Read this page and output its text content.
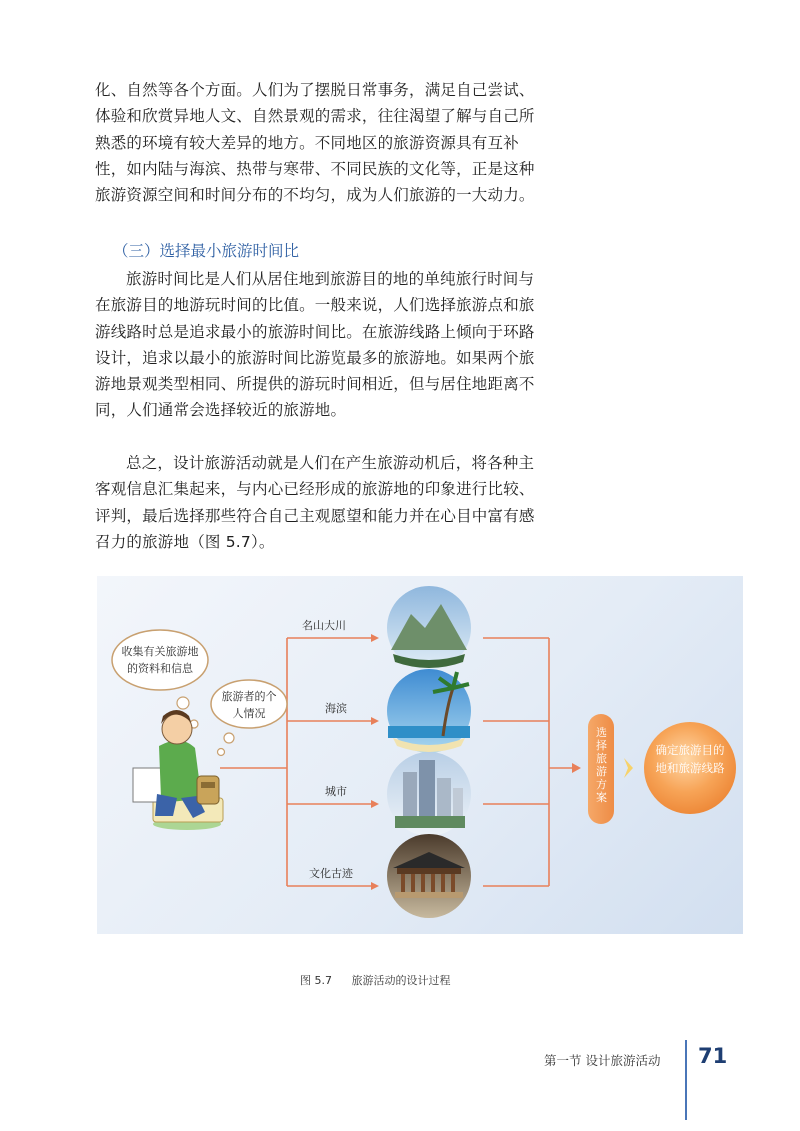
化、自然等各个方面。人们为了摆脱日常事务，满足自己尝试、体验和欣赏异地人文、自然景观的需求，往往渴望了解与自己所熟悉的环境有较大差异的地方。不同地区的旅游资源具有互补性，如内陆与海滨、热带与寒带、不同民族的文化等，正是这种旅游资源空间和时间分布的不均匀，成为人们旅游的一大动力。

（三）选择最小旅游时间比

旅游时间比是人们从居住地到旅游目的地的单纯旅行时间与在旅游目的地游玩时间的比值。一般来说，人们选择旅游点和旅游线路时总是追求最小的旅游时间比。在旅游线路上倾向于环路设计，追求以最小的旅游时间比游览最多的旅游地。如果两个旅游地景观类型相同、所提供的游玩时间相近，但与居住地距离不同，人们通常会选择较近的旅游地。

总之，设计旅游活动就是人们在产生旅游动机后，将各种主客观信息汇集起来，与内心已经形成的旅游地的印象进行比较、评判，最后选择那些符合自己主观愿望和能力并在心目中富有感召力的旅游地（图 5.7）。

收集有关旅游地的资料和信息
旅游者的个人情况
名山大川
海滨
城市
文化古迹
选择旅游方案
确定旅游目的地和旅游线路
图 5.7 旅游活动的设计过程
第一节 设计旅游活动 71
